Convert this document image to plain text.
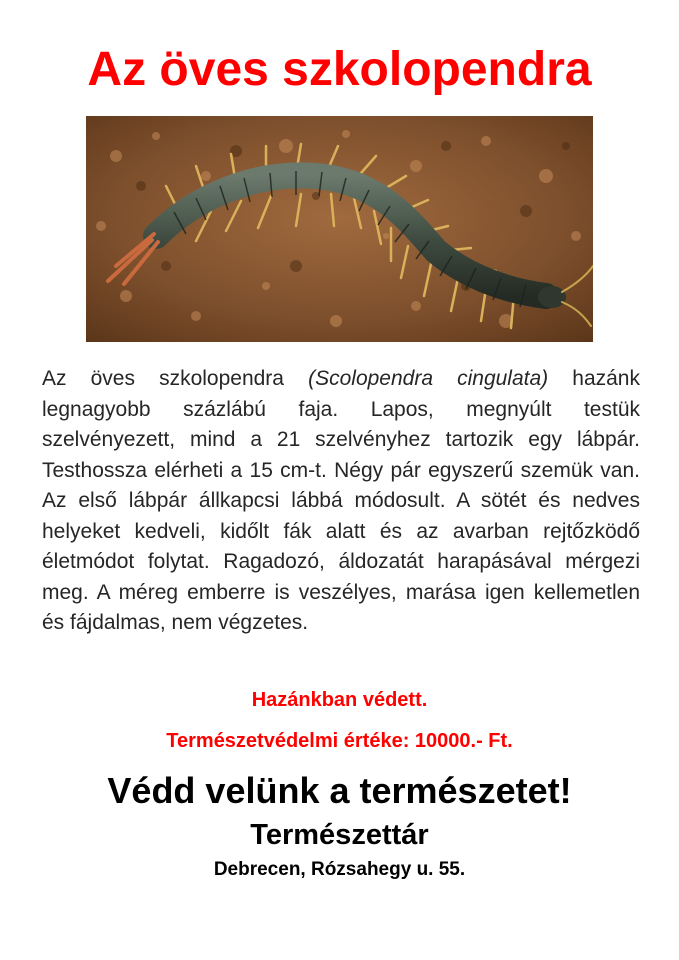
Az öves szkolopendra

Az öves szkolopendra (Scolopendra cingulata) hazánk legnagyobb százlábú faja. Lapos, megnyúlt testük szelvényezett, mind a 21 szelvényhez tartozik egy lábpár. Testhossza elérheti a 15 cm-t. Négy pár egyszerű szemük van. Az első lábpár állkapcsi lábbá módosult. A sötét és nedves helyeket kedveli, kidőlt fák alatt és az avarban rejtőzködő életmódot folytat. Ragadozó, áldozatát harapásával mérgezi meg. A méreg emberre is veszélyes, marása igen kellemetlen és fájdalmas, nem végzetes.

Hazánkban védett.
Természetvédelmi értéke: 10000.- Ft.
Védd velünk a természetet!
Természettár
Debrecen, Rózsahegy u. 55.
